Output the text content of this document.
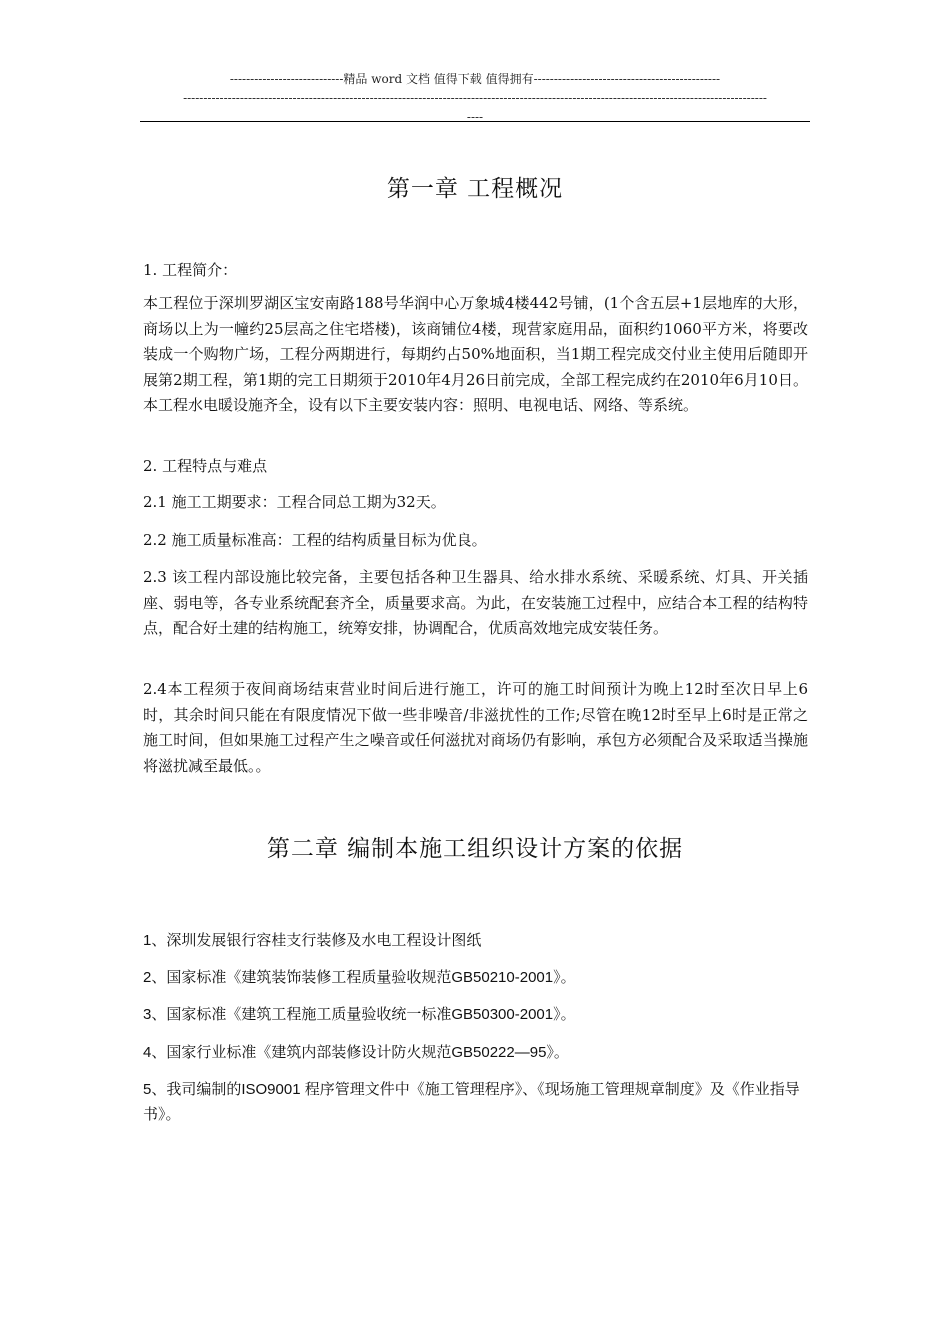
----------------------------精品 word 文档 值得下载 值得拥有----------------------------------------------
------------------------------------------------------------------------------------------------------------------------------------------------
----
第一章 工程概况
1. 工程简介：
本工程位于深圳罗湖区宝安南路188号华润中心万象城4楼442号铺，(1个含五层+1层地库的大形，商场以上为一幢约25层高之住宅塔楼)，该商铺位4楼，现营家庭用品，面积约1060平方米，将要改装成一个购物广场，工程分两期进行，每期约占50%地面积，当1期工程完成交付业主使用后随即开展第2期工程，第1期的完工日期须于2010年4月26日前完成，全部工程完成约在2010年6月10日。本工程水电暖设施齐全，设有以下主要安装内容：照明、电视电话、网络、等系统。
2. 工程特点与难点
2.1 施工工期要求：工程合同总工期为32天。
2.2 施工质量标准高：工程的结构质量目标为优良。
2.3 该工程内部设施比较完备，主要包括各种卫生器具、给水排水系统、采暖系统、灯具、开关插座、弱电等，各专业系统配套齐全，质量要求高。为此，在安装施工过程中，应结合本工程的结构特点，配合好土建的结构施工，统筹安排，协调配合，优质高效地完成安装任务。
2.4本工程须于夜间商场结束营业时间后进行施工，许可的施工时间预计为晚上12时至次日早上6时，其余时间只能在有限度情况下做一些非噪音/非滋扰性的工作;尽管在晚12时至早上6时是正常之施工时间，但如果施工过程产生之噪音或任何滋扰对商场仍有影响，承包方必须配合及采取适当操施将滋扰减至最低。。
第二章 编制本施工组织设计方案的依据
1、深圳发展银行容桂支行装修及水电工程设计图纸
2、国家标准《建筑装饰装修工程质量验收规范GB50210-2001》。
3、国家标准《建筑工程施工质量验收统一标准GB50300-2001》。
4、国家行业标准《建筑内部装修设计防火规范GB50222—95》。
5、我司编制的ISO9001 程序管理文件中《施工管理程序》、《现场施工管理规章制度》及《作业指导书》。
